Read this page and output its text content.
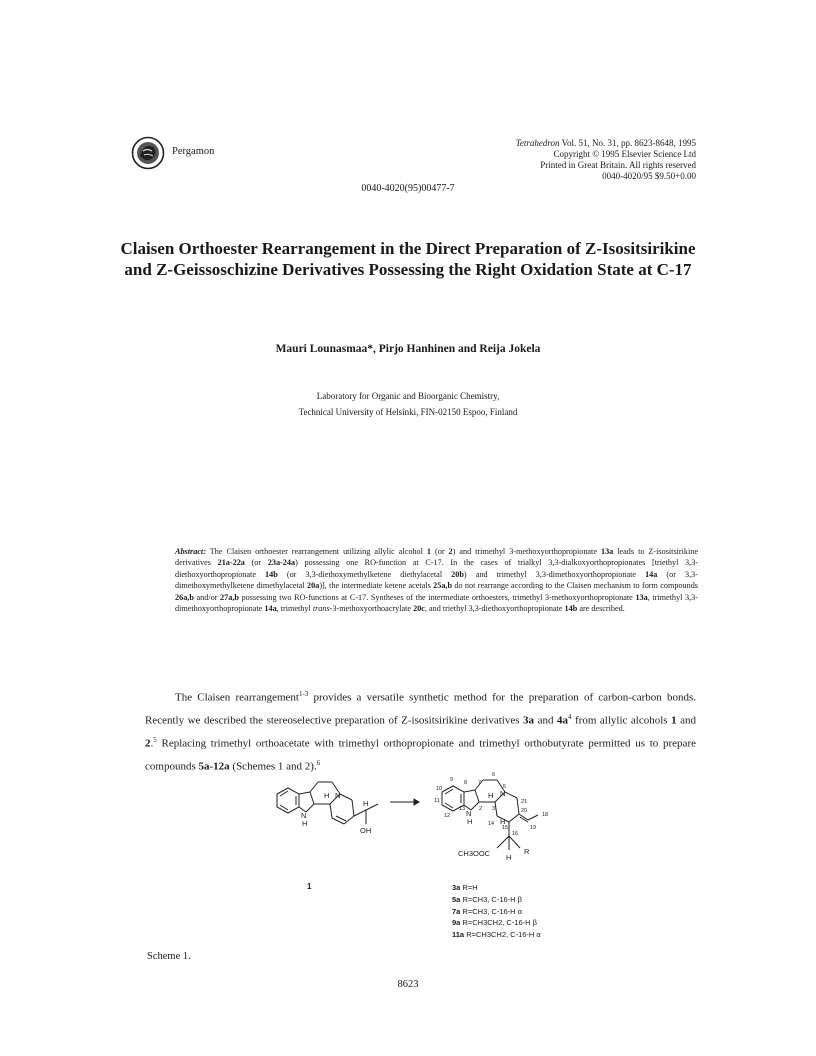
Pergamon
Tetrahedron Vol. 51, No. 31, pp. 8623-8648, 1995
Copyright © 1995 Elsevier Science Ltd
Printed in Great Britain. All rights reserved
0040-4020/95 $9.50+0.00
0040-4020(95)00477-7
Claisen Orthoester Rearrangement in the Direct Preparation of Z-Isositsirikine and Z-Geissoschizine Derivatives Possessing the Right Oxidation State at C-17
Mauri Lounasmaa*, Pirjo Hanhinen and Reija Jokela
Laboratory for Organic and Bioorganic Chemistry,
Technical University of Helsinki, FIN-02150 Espoo, Finland
Abstract: The Claisen orthoester rearrangement utilizing allylic alcohol 1 (or 2) and trimethyl 3-methoxyorthopropionate 13a leads to Z-isositsirikine derivatives 21a-22a (or 23a-24a) possessing one RO-function at C-17. In the cases of trialkyl 3,3-dialkoxyorthopropionates [triethyl 3,3-diethoxyorthopropionate 14b (or 3,3-diethoxymethylketene diethylacetal 20b) and trimethyl 3,3-dimethoxyorthopropionate 14a (or 3,3-dimethoxymethylketene dimethylacetal 20a)], the intermediate ketene acetals 25a,b do not rearrange according to the Claisen mechanism to form compounds 26a,b and/or 27a,b possessing two RO-functions at C-17. Syntheses of the intermediate orthoesters, trimethyl 3-methoxyorthopropionate 13a, trimethyl 3,3-dimethoxyorthopropionate 14a, trimethyl trans-3-methoxyorthoacrylate 20c, and triethyl 3,3-diethoxyorthopropionate 14b are described.

The Claisen rearrangement$^{1-3}$ provides a versatile synthetic method for the preparation of carbon-carbon bonds. Recently we described the stereoselective preparation of Z-isositsirikine derivatives 3a and $4a^4$ from allylic alcohols 1 and 2.$^5$ Replacing trimethyl orthoacetate with trimethyl orthopropionate and trimethyl orthobutyrate permitted us to prepare compounds 5a-12a (Schemes 1 and 2).$^6$

N
H
N
H
H
OH
9 8 7
6
5
10
11
12
13	2 3
14
21
20
15
16
18
19
N
H
N
H
H
CH3OOC H
R
1	3a R=H
5a R=CH3, C-16-H β
7a R=CH3, C-16-H α
9a R=CH3CH2, C-16-H β
11a R=CH3CH2, C-16-H α
Scheme 1.
8623
